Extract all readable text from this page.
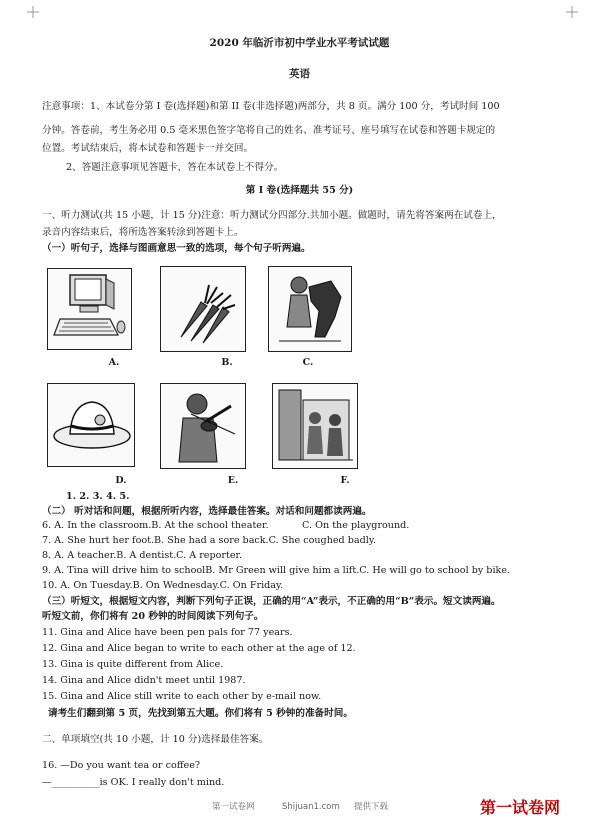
2020 年临沂市初中学业水平考试试题
英语
注意事项：1、本试卷分第 I 卷(选择题)和第 II 卷(非选择题)两部分，共 8 页。满分 100 分，考试时间 100
分钟。答卷前，考生务必用 0.5 毫米黑色签字笔将自己的姓名、准考证号、座号填写在试卷和答题卡规定的
位置。考试结束后，将本试卷和答题卡一并交回。
2、答题注意事项见答题卡，答在本试卷上不得分。
第 I 卷(选择题共 55 分)
一、听力测试(共 15 小题，计 15 分)注意：听力测试分四部分.共加小题。做题时，请先将答案两在试卷上，
录音内容结束后，将所选答案转涂到答题卡上。
（一）听句子，选择与图画意思一致的选项，每个句子听两遍。
A.	B.	C.
D.	E.	F.
1. 2. 3. 4. 5.
（二） 听对话和问题，根据所听内容，选择最佳答案。对话和问题都读两遍。
6. A. In the classroom.B. At the school theater.	C. On the playground.
7. A. She hurt her foot.B. She had a sore back.C. She coughed badly.
8. A. A teacher.B. A dentist.C. A reporter.
9. A. Tina will drive him to schoolB. Mr Green will give him a lift.C. He will go to school by bike.
10. A. On Tuesday.B. On Wednesday.C. On Friday.
（三）听短文，根据短文内容，判断下列句子正误，正确的用“A”表示，不正确的用“B”表示。短文读两遍。
听短文前，你们将有 20 秒钟的时间阅读下列句子。
11. Gina and Alice have been pen pals for 77 years.
12. Gina and Alice began to write to each other at the age of 12.
13. Gina is quite different from Alice.
14. Gina and Alice didn't meet until 1987.
15. Gina and Alice still write to each other by e-mail now.
请考生们翻到第 5 页，先找到第五大题。你们将有 5 秒钟的准备时间。
二、单项填空(共 10 小题，计 10 分)选择最佳答案。
16. —Do you want tea or coffee?
—__________is OK. I really don't mind.
第一试卷网	Shijuan1.com 提供下载	第一试卷网
